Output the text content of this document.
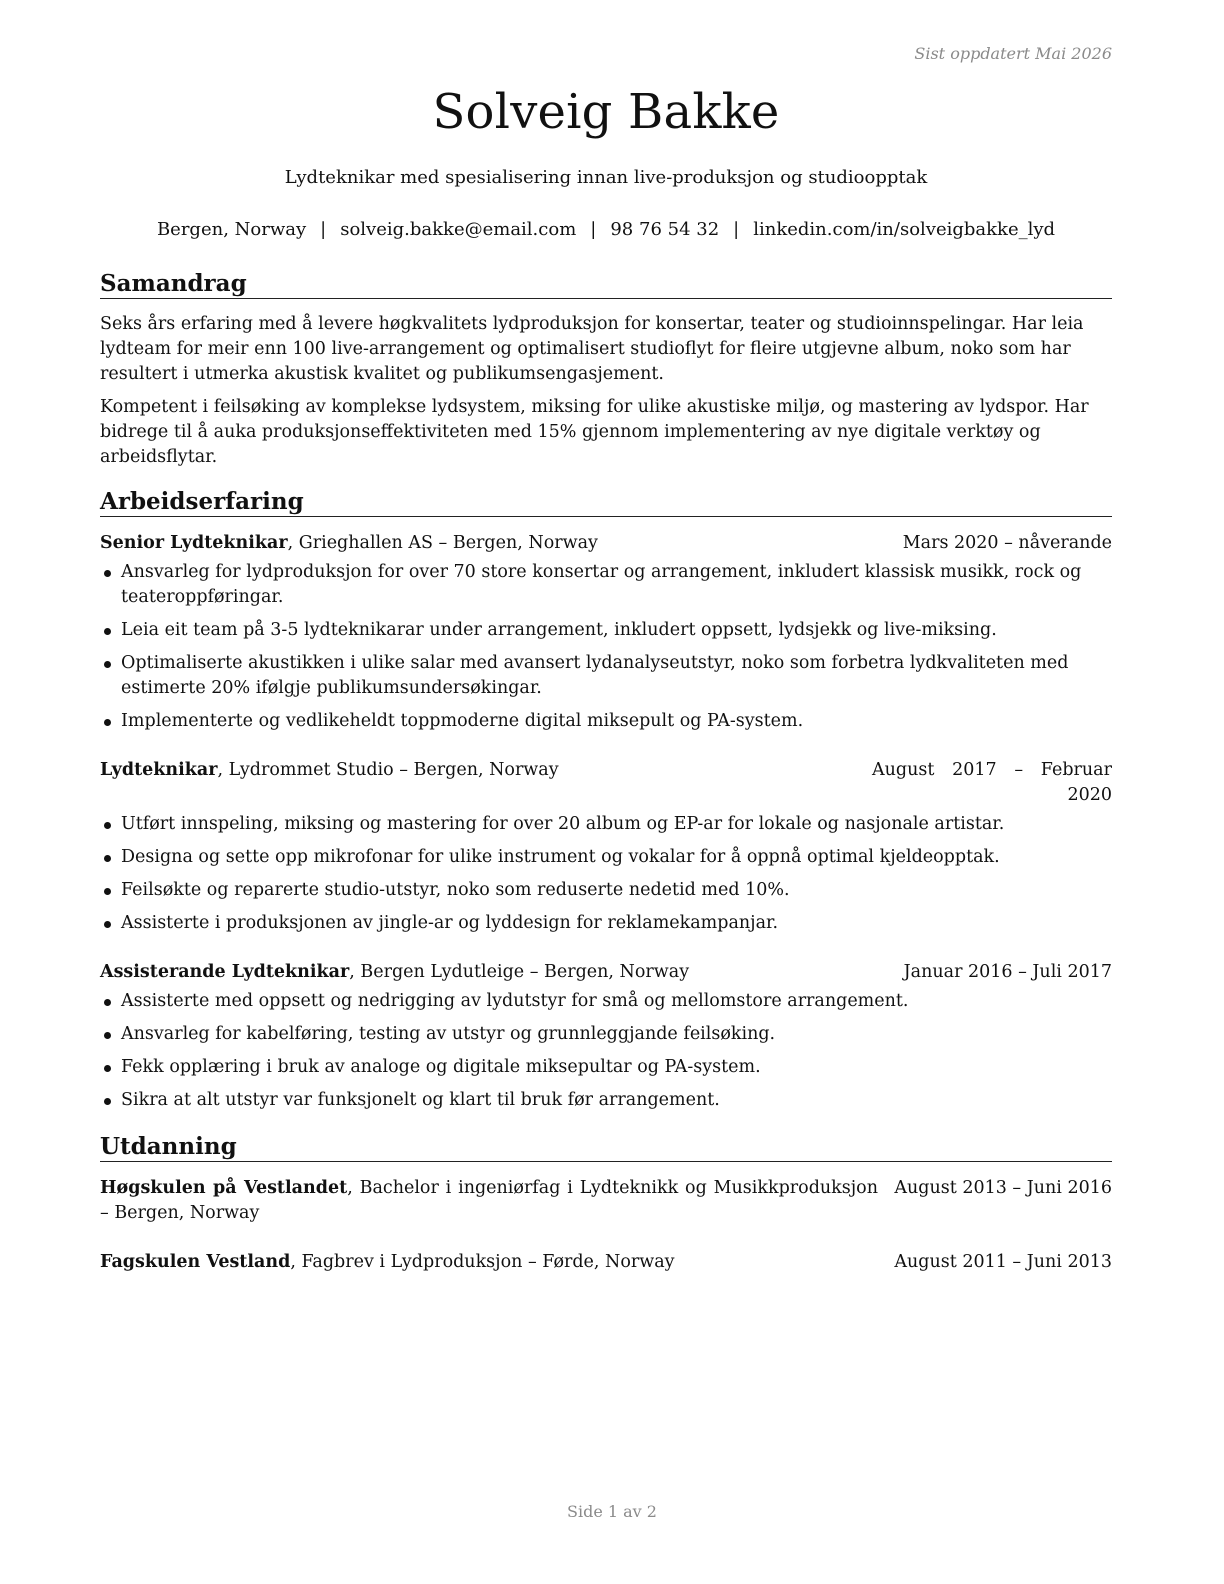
Sist oppdatert Mai 2026
Solveig Bakke
Lydteknikar med spesialisering innan live-produksjon og studioopptak
Bergen, Norway | solveig.bakke@email.com | 98 76 54 32 | linkedin.com/in/solveigbakke_lyd
Samandrag

Seks års erfaring med å levere høgkvalitets lydproduksjon for konsertar, teater og studioinnspelingar. Har leia lydteam for meir enn 100 live-arrangement og optimalisert studioflyt for fleire utgjevne album, noko som har resultert i utmerka akustisk kvalitet og publikumsengasjement.

Kompetent i feilsøking av komplekse lydsystem, miksing for ulike akustiske miljø, og mastering av lydspor. Har bidrege til å auka produksjonseffektiviteten med 15% gjennom implementering av nye digitale verktøy og arbeidsflytar.

Arbeidserfaring
Senior Lydteknikar, Grieghallen AS – Bergen, Norway	Mars 2020 – nåverande
Ansvarleg for lydproduksjon for over 70 store konsertar og arrangement, inkludert klassisk musikk, rock og teateroppføringar.
Leia eit team på 3-5 lydteknikarar under arrangement, inkludert oppsett, lydsjekk og live-miksing.
Optimaliserte akustikken i ulike salar med avansert lydanalyseutstyr, noko som forbetra lydkvaliteten med estimerte 20% ifølgje publikumsundersøkingar.
Implementerte og vedlikeheldt toppmoderne digital miksepult og PA-system.
Lydteknikar, Lydrommet Studio – Bergen, Norway	August 2017 – Februar 2020
Utført innspeling, miksing og mastering for over 20 album og EP-ar for lokale og nasjonale artistar.
Designa og sette opp mikrofonar for ulike instrument og vokalar for å oppnå optimal kjeldeopptak.
Feilsøkte og reparerte studio-utstyr, noko som reduserte nedetid med 10%.
Assisterte i produksjonen av jingle-ar og lyddesign for reklamekampanjar.
Assisterande Lydteknikar, Bergen Lydutleige – Bergen, Norway	Januar 2016 – Juli 2017
Assisterte med oppsett og nedrigging av lydutstyr for små og mellomstore arrangement.
Ansvarleg for kabelføring, testing av utstyr og grunnleggjande feilsøking.
Fekk opplæring i bruk av analoge og digitale miksepultar og PA-system.
Sikra at alt utstyr var funksjonelt og klart til bruk før arrangement.
Utdanning
Høgskulen på Vestlandet, Bachelor i ingeniørfag i Lydteknikk og Musikkproduksjon – Bergen, Norway
August 2013 – Juni 2016
Fagskulen Vestland, Fagbrev i Lydproduksjon – Førde, Norway	August 2011 – Juni 2013
Side 1 av 2
